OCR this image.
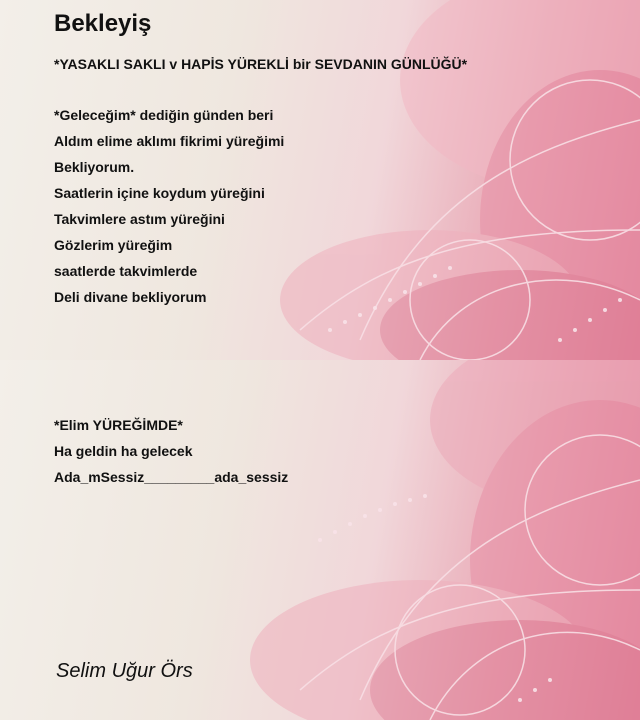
Bekleyiş
*YASAKLI SAKLI v HAPİS YÜREKLİ bir SEVDANIN GÜNLÜĞÜ*
*Geleceğim* dediğin günden beri
Aldım elime aklımı fikrimi yüreğimi
Bekliyorum.
Saatlerin içine koydum yüreğini
Takvimlere astım yüreğini
Gözlerim yüreğim
saatlerde takvimlerde
Deli divane bekliyorum
*Elim YÜREĞİMDE*
Ha geldin ha gelecek
Ada_mSessiz_________ada_sessiz
Selim Uğur Örs
